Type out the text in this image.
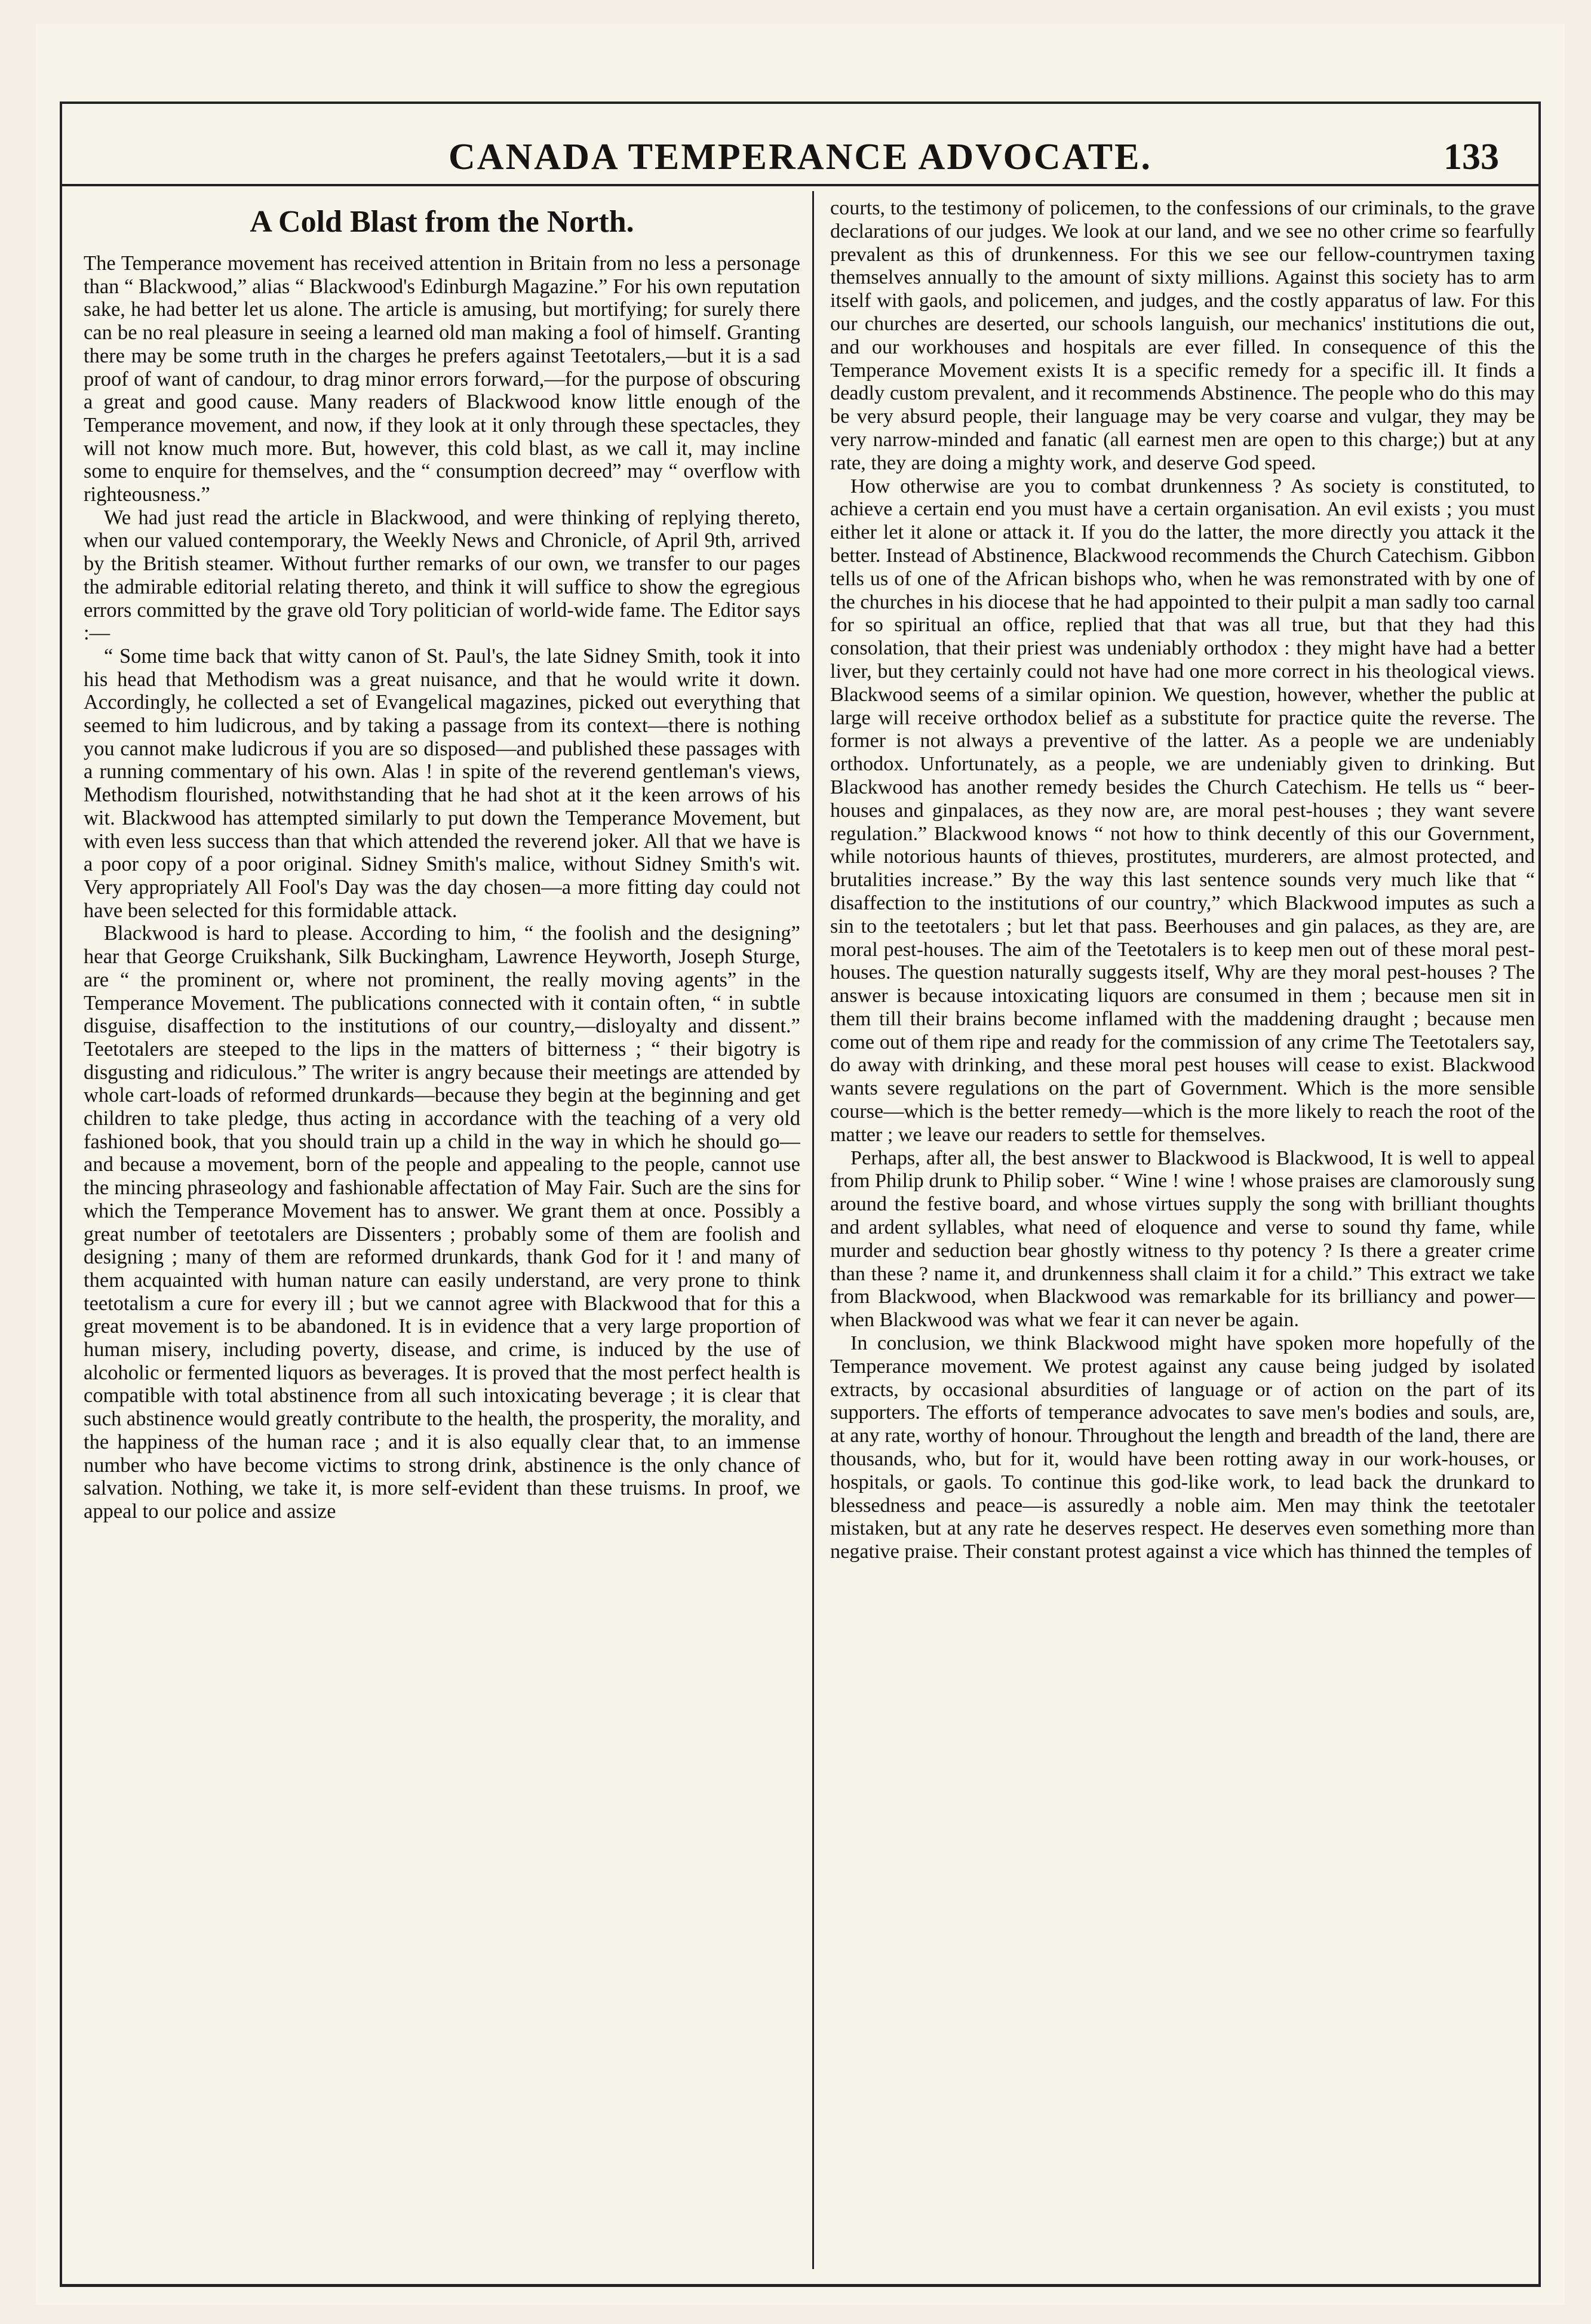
CANADA TEMPERANCE ADVOCATE.	133
A Cold Blast from the North.

The Temperance movement has received attention in Britain from no less a personage than “ Blackwood,” alias “ Blackwood's Edinburgh Magazine.” For his own reputation sake, he had better let us alone. The article is amusing, but mortifying; for surely there can be no real pleasure in seeing a learned old man making a fool of himself. Granting there may be some truth in the charges he prefers against Teetotalers,—but it is a sad proof of want of candour, to drag minor errors forward,—for the purpose of obscuring a great and good cause. Many readers of Blackwood know little enough of the Temperance movement, and now, if they look at it only through these spectacles, they will not know much more. But, however, this cold blast, as we call it, may incline some to enquire for themselves, and the “ consumption decreed” may “ overflow with righteousness.”

We had just read the article in Blackwood, and were thinking of replying thereto, when our valued contemporary, the Weekly News and Chronicle, of April 9th, arrived by the British steamer. Without further remarks of our own, we transfer to our pages the admirable editorial relating thereto, and think it will suffice to show the egregious errors committed by the grave old Tory politician of world-wide fame. The Editor says :—

“ Some time back that witty canon of St. Paul's, the late Sidney Smith, took it into his head that Methodism was a great nuisance, and that he would write it down. Accordingly, he collected a set of Evangelical magazines, picked out everything that seemed to him ludicrous, and by taking a passage from its context—there is nothing you cannot make ludicrous if you are so disposed—and published these passages with a running commentary of his own. Alas ! in spite of the reverend gentleman's views, Methodism flourished, notwithstanding that he had shot at it the keen arrows of his wit. Blackwood has attempted similarly to put down the Temperance Movement, but with even less success than that which attended the reverend joker. All that we have is a poor copy of a poor original. Sidney Smith's malice, without Sidney Smith's wit. Very appropriately All Fool's Day was the day chosen—a more fitting day could not have been selected for this formidable attack.

Blackwood is hard to please. According to him, “ the foolish and the designing” hear that George Cruikshank, Silk Buckingham, Lawrence Heyworth, Joseph Sturge, are “ the prominent or, where not prominent, the really moving agents” in the Temperance Movement. The publications connected with it contain often, “ in subtle disguise, disaffection to the institutions of our country,—disloyalty and dissent.” Teetotalers are steeped to the lips in the matters of bitterness ; “ their bigotry is disgusting and ridiculous.” The writer is angry because their meetings are attended by whole cart-loads of reformed drunkards—because they begin at the beginning and get children to take pledge, thus acting in accordance with the teaching of a very old fashioned book, that you should train up a child in the way in which he should go—and because a movement, born of the people and appealing to the people, cannot use the mincing phraseology and fashionable affectation of May Fair. Such are the sins for which the Temperance Movement has to answer. We grant them at once. Possibly a great number of teetotalers are Dissenters ; probably some of them are foolish and designing ; many of them are reformed drunkards, thank God for it ! and many of them acquainted with human nature can easily understand, are very prone to think teetotalism a cure for every ill ; but we cannot agree with Blackwood that for this a great movement is to be abandoned. It is in evidence that a very large proportion of human misery, including poverty, disease, and crime, is induced by the use of alcoholic or fermented liquors as beverages. It is proved that the most perfect health is compatible with total abstinence from all such intoxicating beverage ; it is clear that such abstinence would greatly contribute to the health, the prosperity, the morality, and the happiness of the human race ; and it is also equally clear that, to an immense number who have become victims to strong drink, abstinence is the only chance of salvation. Nothing, we take it, is more self-evident than these truisms. In proof, we appeal to our police and assize

courts, to the testimony of policemen, to the confessions of our criminals, to the grave declarations of our judges. We look at our land, and we see no other crime so fearfully prevalent as this of drunkenness. For this we see our fellow-countrymen taxing themselves annually to the amount of sixty millions. Against this society has to arm itself with gaols, and policemen, and judges, and the costly apparatus of law. For this our churches are deserted, our schools languish, our mechanics' institutions die out, and our workhouses and hospitals are ever filled. In consequence of this the Temperance Movement exists It is a specific remedy for a specific ill. It finds a deadly custom prevalent, and it recommends Abstinence. The people who do this may be very absurd people, their language may be very coarse and vulgar, they may be very narrow-minded and fanatic (all earnest men are open to this charge;) but at any rate, they are doing a mighty work, and deserve God speed.

How otherwise are you to combat drunkenness ? As society is constituted, to achieve a certain end you must have a certain organisation. An evil exists ; you must either let it alone or attack it. If you do the latter, the more directly you attack it the better. Instead of Abstinence, Blackwood recommends the Church Catechism. Gibbon tells us of one of the African bishops who, when he was remonstrated with by one of the churches in his diocese that he had appointed to their pulpit a man sadly too carnal for so spiritual an office, replied that that was all true, but that they had this consolation, that their priest was undeniably orthodox : they might have had a better liver, but they certainly could not have had one more correct in his theological views. Blackwood seems of a similar opinion. We question, however, whether the public at large will receive orthodox belief as a substitute for practice quite the reverse. The former is not always a preventive of the latter. As a people we are undeniably orthodox. Unfortunately, as a people, we are undeniably given to drinking. But Blackwood has another remedy besides the Church Catechism. He tells us “ beer-houses and ginpalaces, as they now are, are moral pest-houses ; they want severe regulation.” Blackwood knows “ not how to think decently of this our Government, while notorious haunts of thieves, prostitutes, murderers, are almost protected, and brutalities increase.” By the way this last sentence sounds very much like that “ disaffection to the institutions of our country,” which Blackwood imputes as such a sin to the teetotalers ; but let that pass. Beerhouses and gin palaces, as they are, are moral pest-houses. The aim of the Teetotalers is to keep men out of these moral pest-houses. The question naturally suggests itself, Why are they moral pest-houses ? The answer is because intoxicating liquors are consumed in them ; because men sit in them till their brains become inflamed with the maddening draught ; because men come out of them ripe and ready for the commission of any crime The Teetotalers say, do away with drinking, and these moral pest houses will cease to exist. Blackwood wants severe regulations on the part of Government. Which is the more sensible course—which is the better remedy—which is the more likely to reach the root of the matter ; we leave our readers to settle for themselves.

Perhaps, after all, the best answer to Blackwood is Blackwood, It is well to appeal from Philip drunk to Philip sober. “ Wine ! wine ! whose praises are clamorously sung around the festive board, and whose virtues supply the song with brilliant thoughts and ardent syllables, what need of eloquence and verse to sound thy fame, while murder and seduction bear ghostly witness to thy potency ? Is there a greater crime than these ? name it, and drunkenness shall claim it for a child.” This extract we take from Blackwood, when Blackwood was remarkable for its brilliancy and power—when Blackwood was what we fear it can never be again.

In conclusion, we think Blackwood might have spoken more hopefully of the Temperance movement. We protest against any cause being judged by isolated extracts, by occasional absurdities of language or of action on the part of its supporters. The efforts of temperance advocates to save men's bodies and souls, are, at any rate, worthy of honour. Throughout the length and breadth of the land, there are thousands, who, but for it, would have been rotting away in our work-houses, or hospitals, or gaols. To continue this god-like work, to lead back the drunkard to blessedness and peace—is assuredly a noble aim. Men may think the teetotaler mistaken, but at any rate he deserves respect. He deserves even something more than negative praise. Their constant protest against a vice which has thinned the temples of
